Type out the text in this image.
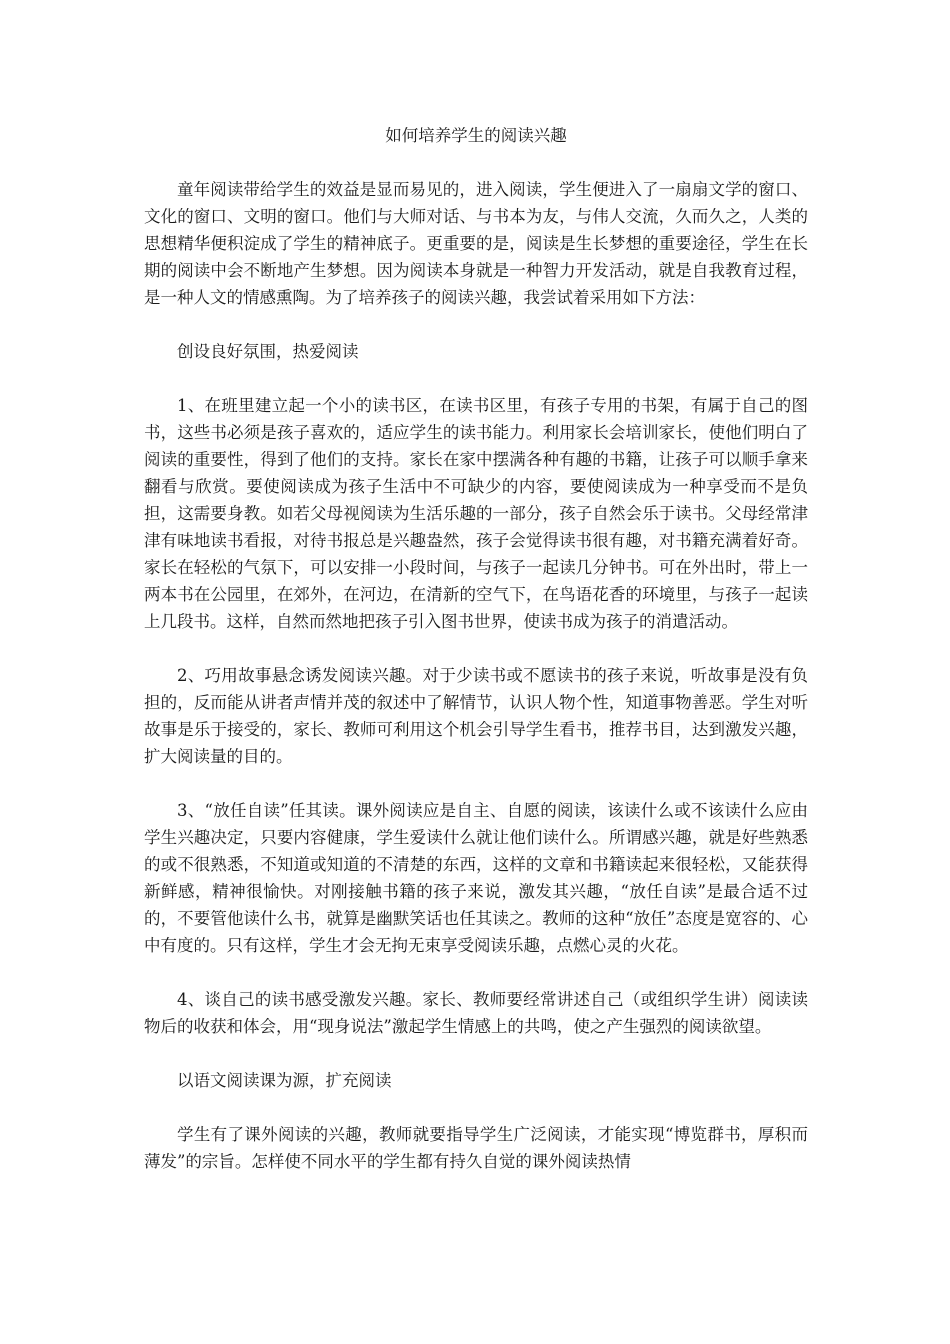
如何培养学生的阅读兴趣

童年阅读带给学生的效益是显而易见的，进入阅读，学生便进入了一扇扇文学的窗口、文化的窗口、文明的窗口。他们与大师对话、与书本为友，与伟人交流，久而久之，人类的思想精华便积淀成了学生的精神底子。更重要的是，阅读是生长梦想的重要途径，学生在长期的阅读中会不断地产生梦想。因为阅读本身就是一种智力开发活动，就是自我教育过程，是一种人文的情感熏陶。为了培养孩子的阅读兴趣，我尝试着采用如下方法：

创设良好氛围，热爱阅读

1、在班里建立起一个小的读书区，在读书区里，有孩子专用的书架，有属于自己的图书，这些书必须是孩子喜欢的，适应学生的读书能力。利用家长会培训家长，使他们明白了阅读的重要性，得到了他们的支持。家长在家中摆满各种有趣的书籍，让孩子可以顺手拿来翻看与欣赏。要使阅读成为孩子生活中不可缺少的内容，要使阅读成为一种享受而不是负担，这需要身教。如若父母视阅读为生活乐趣的一部分，孩子自然会乐于读书。父母经常津津有味地读书看报，对待书报总是兴趣盎然，孩子会觉得读书很有趣，对书籍充满着好奇。家长在轻松的气氛下，可以安排一小段时间，与孩子一起读几分钟书。可在外出时，带上一两本书在公园里，在郊外，在河边，在清新的空气下，在鸟语花香的环境里，与孩子一起读上几段书。这样，自然而然地把孩子引入图书世界，使读书成为孩子的消遣活动。

2、巧用故事悬念诱发阅读兴趣。对于少读书或不愿读书的孩子来说，听故事是没有负担的，反而能从讲者声情并茂的叙述中了解情节，认识人物个性，知道事物善恶。学生对听故事是乐于接受的，家长、教师可利用这个机会引导学生看书，推荐书目，达到激发兴趣，扩大阅读量的目的。

3、“放任自读”任其读。课外阅读应是自主、自愿的阅读，该读什么或不该读什么应由学生兴趣决定，只要内容健康，学生爱读什么就让他们读什么。所谓感兴趣，就是好些熟悉的或不很熟悉，不知道或知道的不清楚的东西，这样的文章和书籍读起来很轻松，又能获得新鲜感，精神很愉快。对刚接触书籍的孩子来说，激发其兴趣，“放任自读”是最合适不过的，不要管他读什么书，就算是幽默笑话也任其读之。教师的这种“放任”态度是宽容的、心中有度的。只有这样，学生才会无拘无束享受阅读乐趣，点燃心灵的火花。

4、谈自己的读书感受激发兴趣。家长、教师要经常讲述自己（或组织学生讲）阅读读物后的收获和体会，用“现身说法”激起学生情感上的共鸣，使之产生强烈的阅读欲望。

以语文阅读课为源，扩充阅读

学生有了课外阅读的兴趣，教师就要指导学生广泛阅读，才能实现“博览群书，厚积而薄发”的宗旨。怎样使不同水平的学生都有持久自觉的课外阅读热情
